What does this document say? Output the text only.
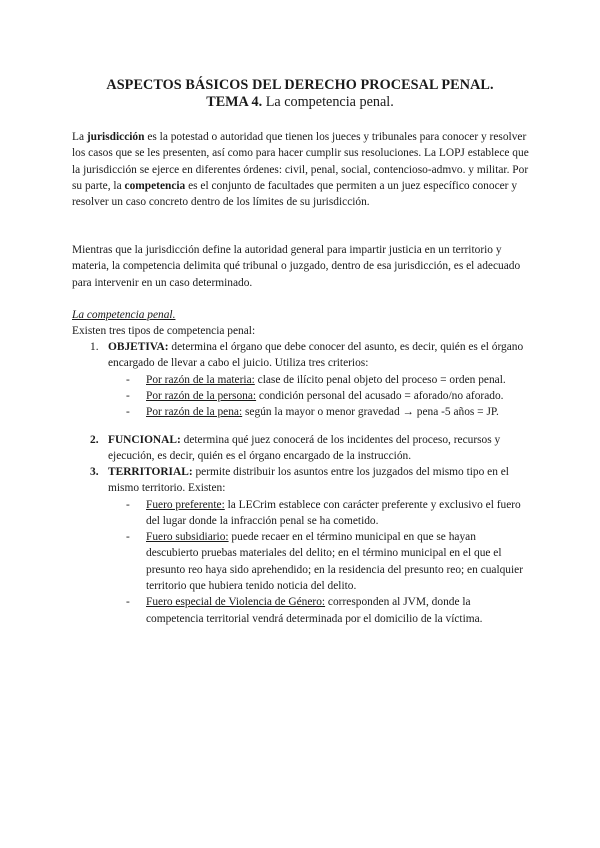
ASPECTOS BÁSICOS DEL DERECHO PROCESAL PENAL.
TEMA 4. La competencia penal.
La jurisdicción es la potestad o autoridad que tienen los jueces y tribunales para conocer y resolver los casos que se les presenten, así como para hacer cumplir sus resoluciones. La LOPJ establece que la jurisdicción se ejerce en diferentes órdenes: civil, penal, social, contencioso-admvo. y militar. Por su parte, la competencia es el conjunto de facultades que permiten a un juez específico conocer y resolver un caso concreto dentro de los límites de su jurisdicción.
Mientras que la jurisdicción define la autoridad general para impartir justicia en un territorio y materia, la competencia delimita qué tribunal o juzgado, dentro de esa jurisdicción, es el adecuado para intervenir en un caso determinado.
La competencia penal.
Existen tres tipos de competencia penal:
1. OBJETIVA: determina el órgano que debe conocer del asunto, es decir, quién es el órgano encargado de llevar a cabo el juicio. Utiliza tres criterios:
- Por razón de la materia: clase de ilícito penal objeto del proceso = orden penal.
- Por razón de la persona: condición personal del acusado = aforado/no aforado.
- Por razón de la pena: según la mayor o menor gravedad → pena -5 años = JP.
2. FUNCIONAL: determina qué juez conocerá de los incidentes del proceso, recursos y ejecución, es decir, quién es el órgano encargado de la instrucción.
3. TERRITORIAL: permite distribuir los asuntos entre los juzgados del mismo tipo en el mismo territorio. Existen:
- Fuero preferente: la LECrim establece con carácter preferente y exclusivo el fuero del lugar donde la infracción penal se ha cometido.
- Fuero subsidiario: puede recaer en el término municipal en que se hayan descubierto pruebas materiales del delito; en el término municipal en el que el presunto reo haya sido aprehendido; en la residencia del presunto reo; en cualquier territorio que hubiera tenido noticia del delito.
- Fuero especial de Violencia de Género: corresponden al JVM, donde la competencia territorial vendrá determinada por el domicilio de la víctima.
